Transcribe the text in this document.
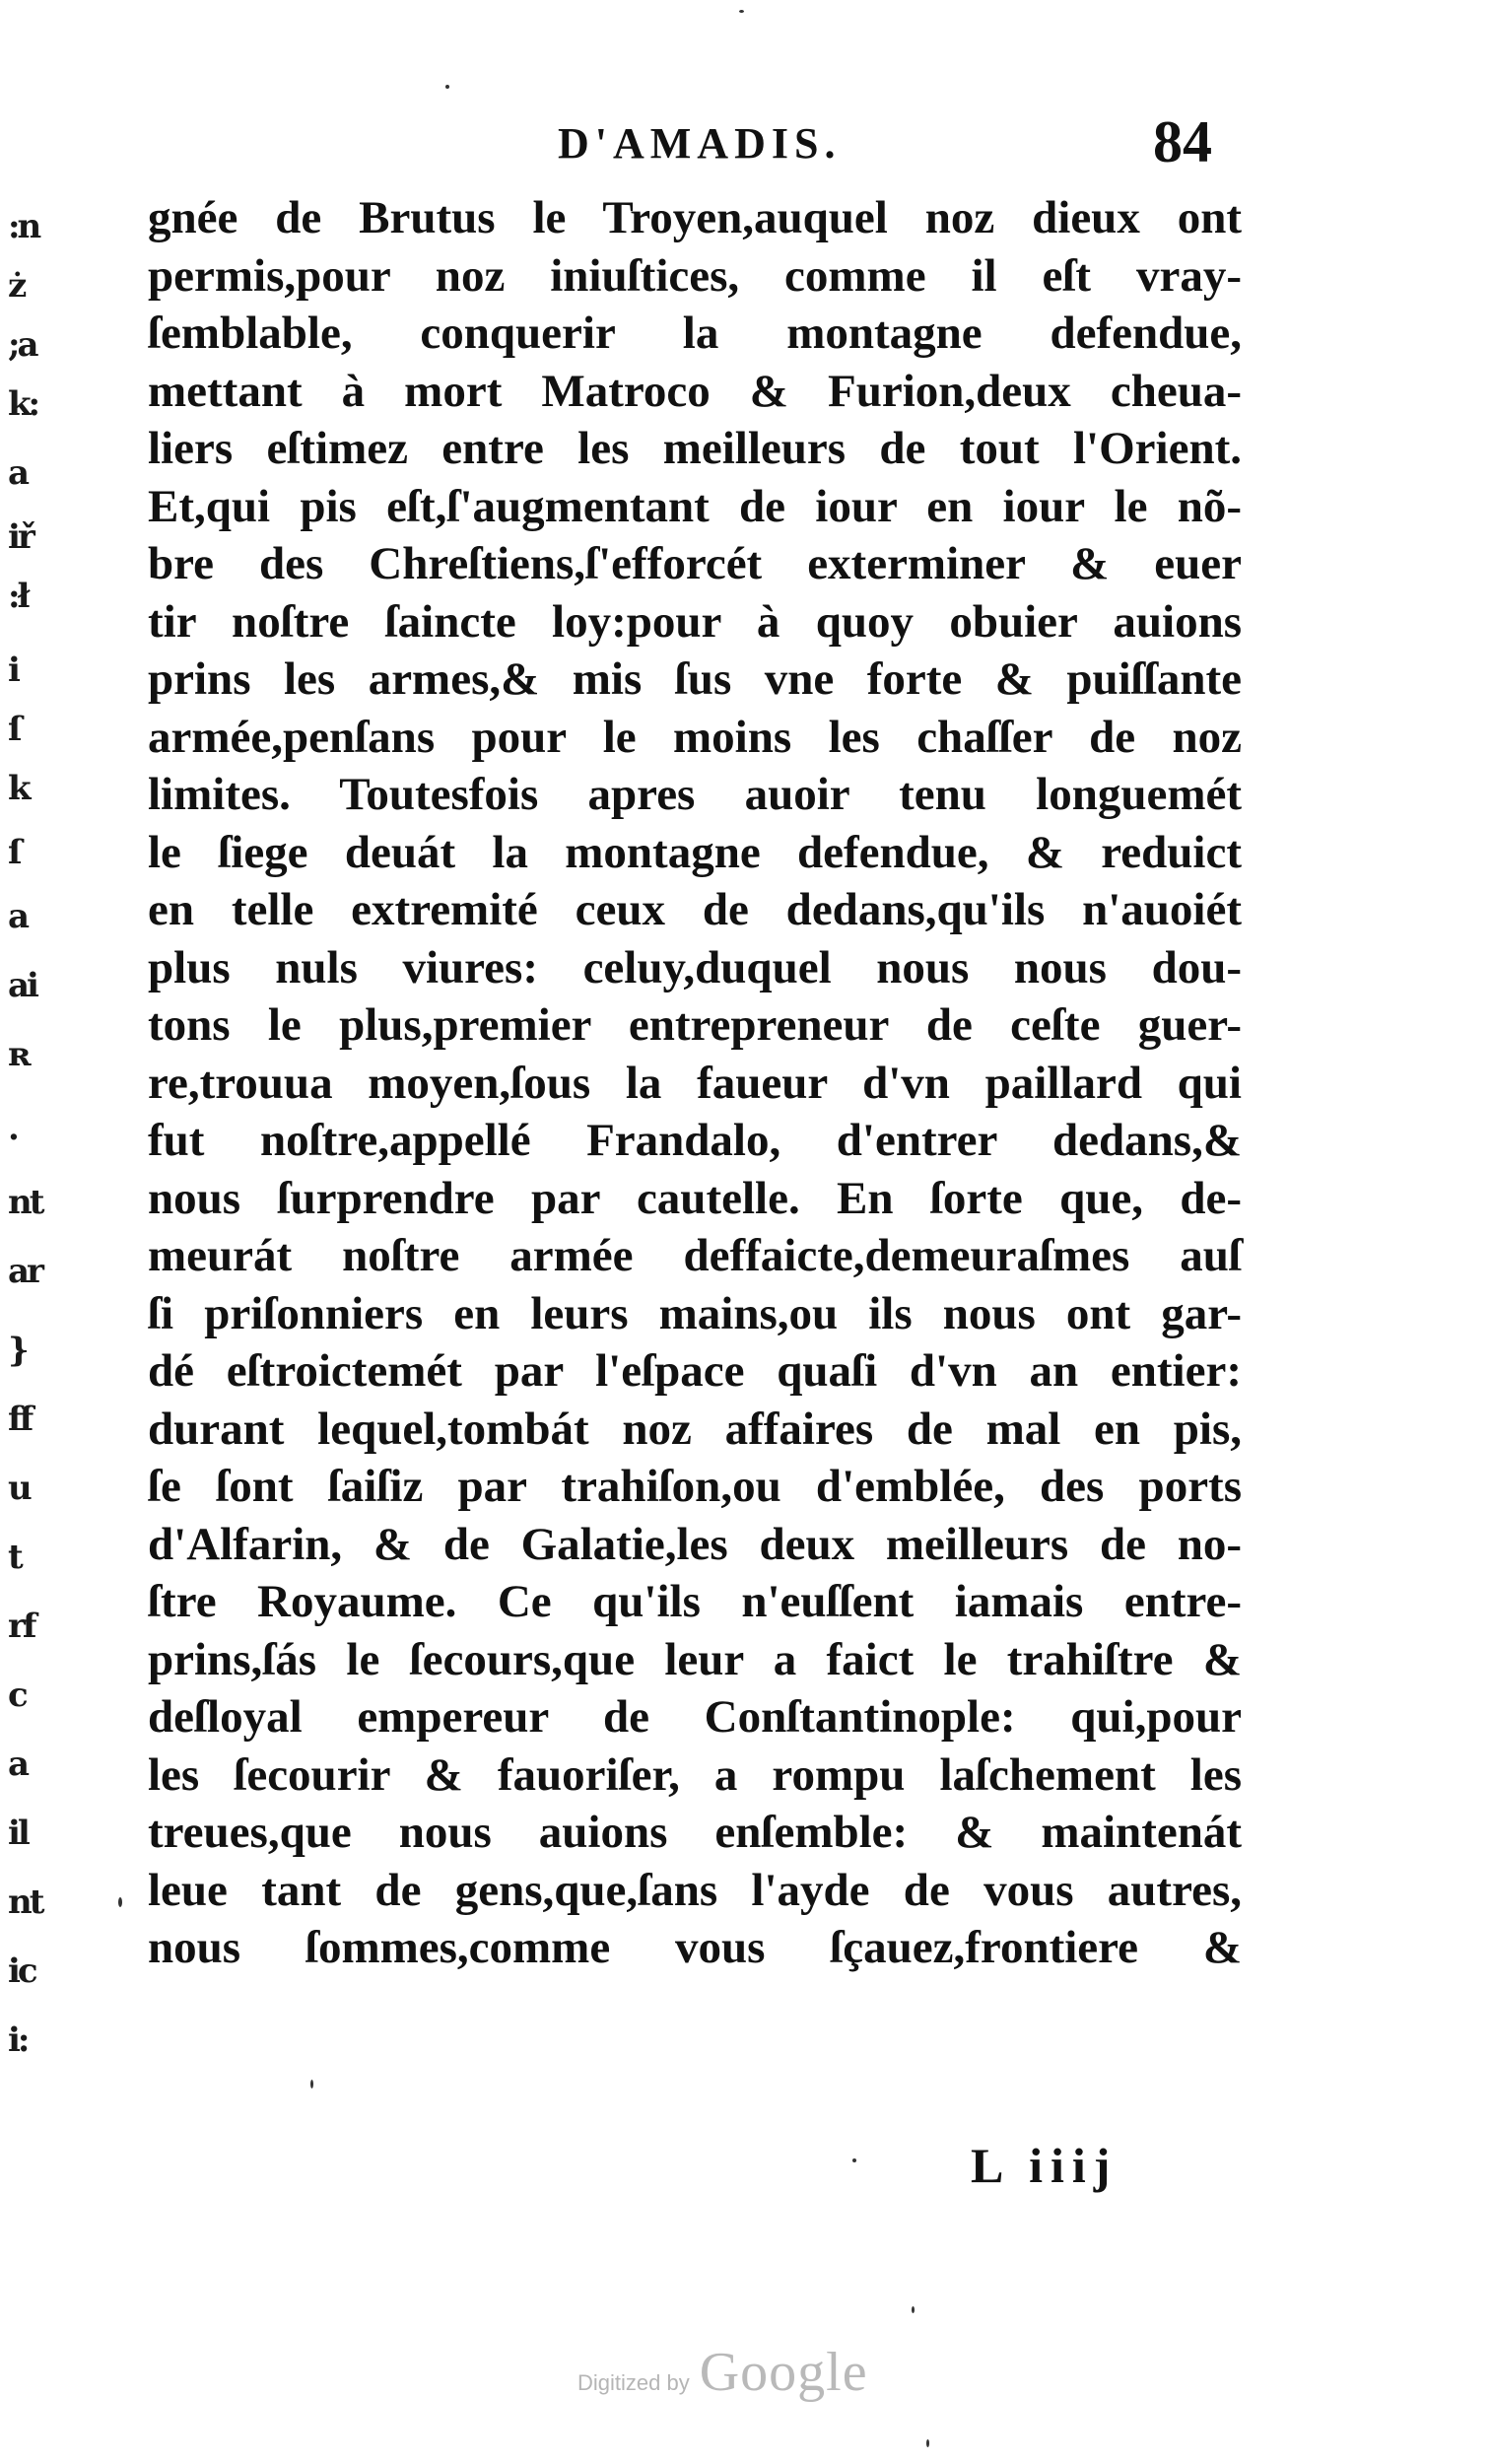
:n
ż
;a
k:
a
iř
:ł
i
ſ
k
ſ
a
ai
ʀ
.
nt
ar
}
ff
u
t
rf
c
a
il
nt
ic
i:
D'AMADIS.	84
gnée de Brutus le Troyen,auquel noz dieux ont
permis,pour noz iniuſtices, comme il eſt vray-
ſemblable, conquerir la montagne defendue,
mettant à mort Matroco & Furion,deux cheua-
liers eſtimez entre les meilleurs de tout l'Orient.
Et,qui pis eſt,ſ'augmentant de iour en iour le nõ-
bre des Chreſtiens,ſ'efforcét exterminer & euer
tir noſtre ſaincte loy:pour à quoy obuier auions
prins les armes,& mis ſus vne forte & puiſſante
armée,penſans pour le moins les chaſſer de noz
limites. Toutesfois apres auoir tenu longuemét
le ſiege deuát la montagne defendue, & reduict
en telle extremité ceux de dedans,qu'ils n'auoiét
plus nuls viures: celuy,duquel nous nous dou-
tons le plus,premier entrepreneur de ceſte guer-
re,trouua moyen,ſous la faueur d'vn paillard qui
fut noſtre,appellé Frandalo, d'entrer dedans,&
nous ſurprendre par cautelle. En ſorte que, de-
meurát noſtre armée deffaicte,demeuraſmes auſ
ſi priſonniers en leurs mains,ou ils nous ont gar-
dé eſtroictemét par l'eſpace quaſi d'vn an entier:
durant lequel,tombát noz affaires de mal en pis,
ſe ſont ſaiſiz par trahiſon,ou d'emblée, des ports
d'Alfarin, & de Galatie,les deux meilleurs de no-
ſtre Royaume. Ce qu'ils n'euſſent iamais entre-
prins,ſás le ſecours,que leur a faict le trahiſtre &
deſloyal empereur de Conſtantinople: qui,pour
les ſecourir & fauoriſer, a rompu laſchement les
treues,que nous auions enſemble: & maintenát
leue tant de gens,que,ſans l'ayde de vous autres,
nous ſommes,comme vous ſçauez,frontiere &
L iiij
Digitized by Google
